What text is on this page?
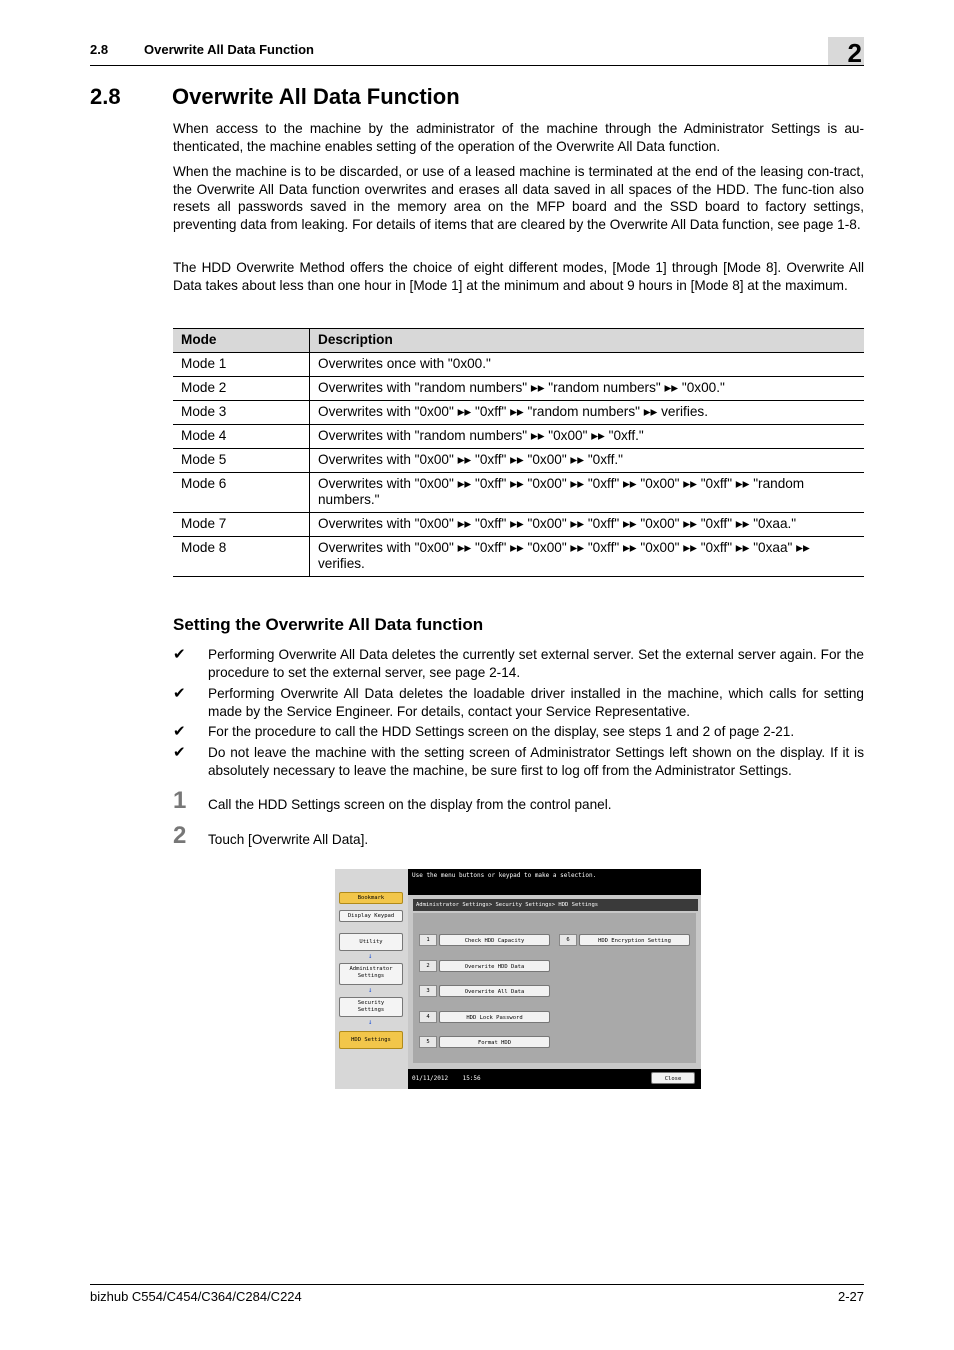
2.8	Overwrite All Data Function	2
2.8 Overwrite All Data Function

When access to the machine by the administrator of the machine through the Administrator Settings is au-thenticated, the machine enables setting of the operation of the Overwrite All Data function.

When the machine is to be discarded, or use of a leased machine is terminated at the end of the leasing con-tract, the Overwrite All Data function overwrites and erases all data saved in all spaces of the HDD. The func-tion also resets all passwords saved in the memory area on the MFP board and the SSD board to factory settings, preventing data from leaking. For details of items that are cleared by the Overwrite All Data function, see page 1-8.

The HDD Overwrite Method offers the choice of eight different modes, [Mode 1] through [Mode 8]. Overwrite All Data takes about less than one hour in [Mode 1] at the minimum and about 9 hours in [Mode 8] at the maximum.

Mode	Description
Mode 1	Overwrites once with "0x00."
Mode 2	Overwrites with "random numbers" ▸▸ "random numbers" ▸▸ "0x00."
Mode 3	Overwrites with "0x00" ▸▸ "0xff" ▸▸ "random numbers" ▸▸ verifies.
Mode 4	Overwrites with "random numbers" ▸▸ "0x00" ▸▸ "0xff."
Mode 5	Overwrites with "0x00" ▸▸ "0xff" ▸▸ "0x00" ▸▸ "0xff."
Mode 6	Overwrites with "0x00" ▸▸ "0xff" ▸▸ "0x00" ▸▸ "0xff" ▸▸ "0x00" ▸▸ "0xff" ▸▸ "random numbers."
Mode 7	Overwrites with "0x00" ▸▸ "0xff" ▸▸ "0x00" ▸▸ "0xff" ▸▸ "0x00" ▸▸ "0xff" ▸▸ "0xaa."
Mode 8	Overwrites with "0x00" ▸▸ "0xff" ▸▸ "0x00" ▸▸ "0xff" ▸▸ "0x00" ▸▸ "0xff" ▸▸ "0xaa" ▸▸ verifies.
Setting the Overwrite All Data function
✔ Performing Overwrite All Data deletes the currently set external server. Set the external server again. For the procedure to set the external server, see page 2-14.
✔ Performing Overwrite All Data deletes the loadable driver installed in the machine, which calls for setting made by the Service Engineer. For details, contact your Service Representative.
✔ For the procedure to call the HDD Settings screen on the display, see steps 1 and 2 of page 2-21.
✔ Do not leave the machine with the setting screen of Administrator Settings left shown on the display. If it is absolutely necessary to leave the machine, be sure first to log off from the Administrator Settings.
1 Call the HDD Settings screen on the display from the control panel.
2 Touch [Overwrite All Data].
Bookmark
Display Keypad
Utility
↓
Administrator
Settings
↓
Security
Settings
↓
HDD Settings
Use the menu buttons or keypad to make a selection.
Administrator Settings> Security Settings> HDD Settings
1	Check HDD Capacity
2	Overwrite HDD Data
3	Overwrite All Data
4	HDD Lock Password
5	Format HDD
6	HDD Encryption Setting
01/11/2012 15:56	Close
bizhub C554/C454/C364/C284/C224	2-27
